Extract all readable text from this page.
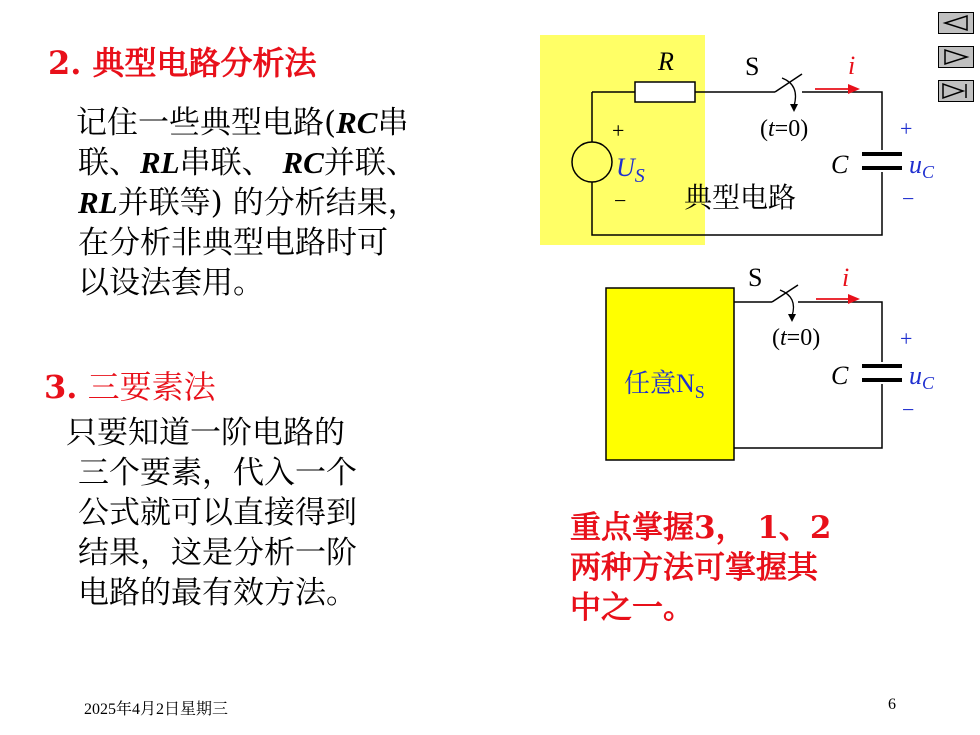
2. 典型电路分析法
记住一些典型电路(RC串
联、RL串联、 RC并联、
RL并联等) 的分析结果，
在分析非典型电路时可
以设法套用。
3. 三要素法
只要知道一阶电路的
三个要素，代入一个
公式就可以直接得到
结果，这是分析一阶
电路的最有效方法。
重点掌握3， 1、2
两种方法可掌握其
中之一。
R	S	i
(t=0)
+
$U_S$
−
C
+
uC
−
典型电路
S	i
(t=0)
C
+
uC
−
任意$N_S$
2025年4月2日星期三	6
